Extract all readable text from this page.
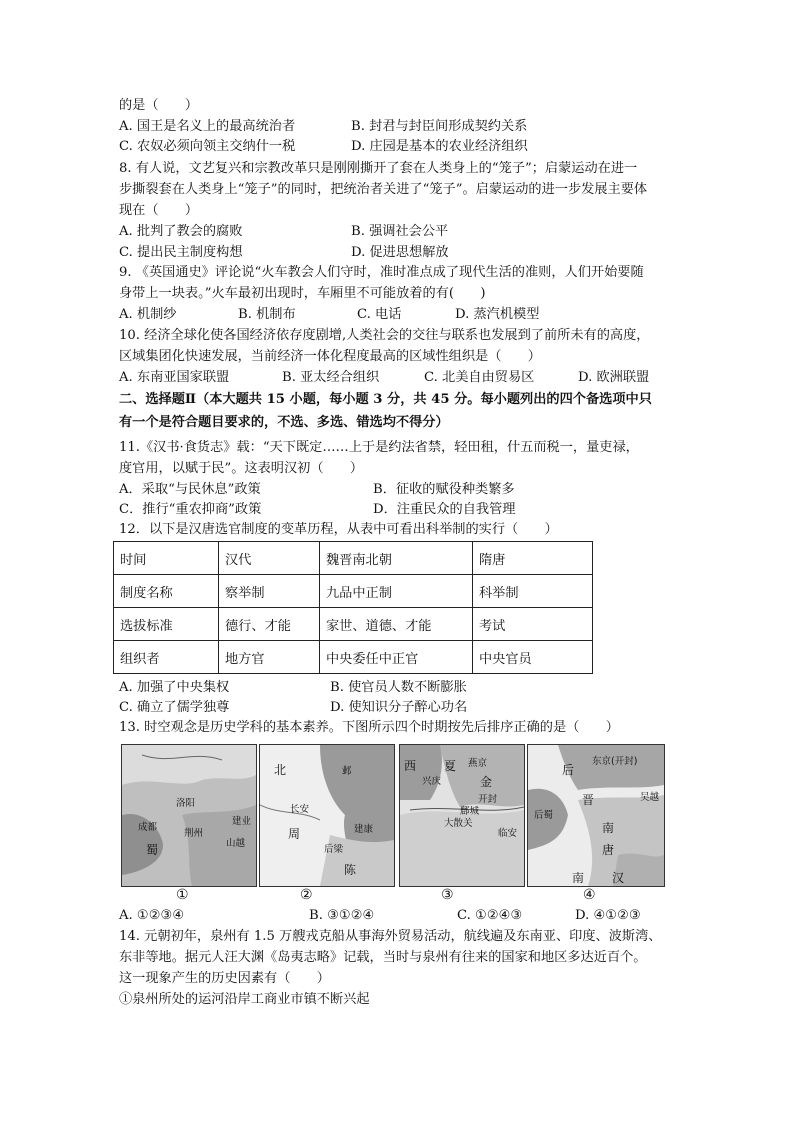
的是（　　）
A. 国王是名义上的最高统治者	B. 封君与封臣间形成契约关系
C. 农奴必须向领主交纳什一税	D. 庄园是基本的农业经济组织
8. 有人说，文艺复兴和宗教改革只是刚刚撕开了套在人类身上的“笼子”；启蒙运动在进一
步撕裂套在人类身上“笼子”的同时，把统治者关进了“笼子”。启蒙运动的进一步发展主要体
现在（　　）
A. 批判了教会的腐败	B. 强调社会公平
C. 提出民主制度构想	D. 促进思想解放
9. 《英国通史》评论说“火车教会人们守时，准时准点成了现代生活的准则，人们开始要随
身带上一块表。”火车最初出现时，车厢里不可能放着的有(　　)
A. 机制纱	B. 机制布	C. 电话	D. 蒸汽机模型
10. 经济全球化使各国经济依存度剧增,人类社会的交往与联系也发展到了前所未有的高度，
区域集团化快速发展，当前经济一体化程度最高的区域性组织是（　　）
A. 东南亚国家联盟	B. 亚太经合组织	C. 北美自由贸易区	D. 欧洲联盟
二、选择题Ⅱ（本大题共 15 小题，每小题 3 分，共 45 分。每小题列出的四个备选项中只
有一个是符合题目要求的，不选、多选、错选均不得分）
11.《汉书·食货志》载：“天下既定……上于是约法省禁，轻田租，什五而税一，量吏禄，
度官用，以赋于民”。这表明汉初（　　）
A．采取“与民休息”政策	B．征收的赋役种类繁多
C．推行“重农抑商”政策	D．注重民众的自我管理
12．以下是汉唐选官制度的变革历程，从表中可看出科举制的实行（　　）
时间	汉代	魏晋南北朝	隋唐
制度名称	察举制	九品中正制	科举制
选拔标准	德行、才能	家世、道德、才能	考试
组织者	地方官	中央委任中正官	中央官员
A. 加强了中央集权	B. 使官员人数不断膨胀
C. 确立了儒学独尊	D. 使知识分子醉心功名
13. 时空观念是历史学科的基本素养。下图所示四个时期按先后排序正确的是（　　）
洛阳
成都
荆州
建业
蜀	山越
北
周
长安
邺
建康
后梁
陈
西 夏
兴庆
燕京
金
开封
鄜城
大散关
临安
东京(开封)
后
晋
后蜀
南
唐
吴越
南 汉
①	②	③	④
A. ①②③④	B. ③①②④	C. ①②④③	D. ④①②③
14. 元朝初年，泉州有 1.5 万艘戎克船从事海外贸易活动，航线遍及东南亚、印度、波斯湾、
东非等地。据元人汪大渊《岛夷志略》记载，当时与泉州有往来的国家和地区多达近百个。
这一现象产生的历史因素有（　　）
①泉州所处的运河沿岸工商业市镇不断兴起
